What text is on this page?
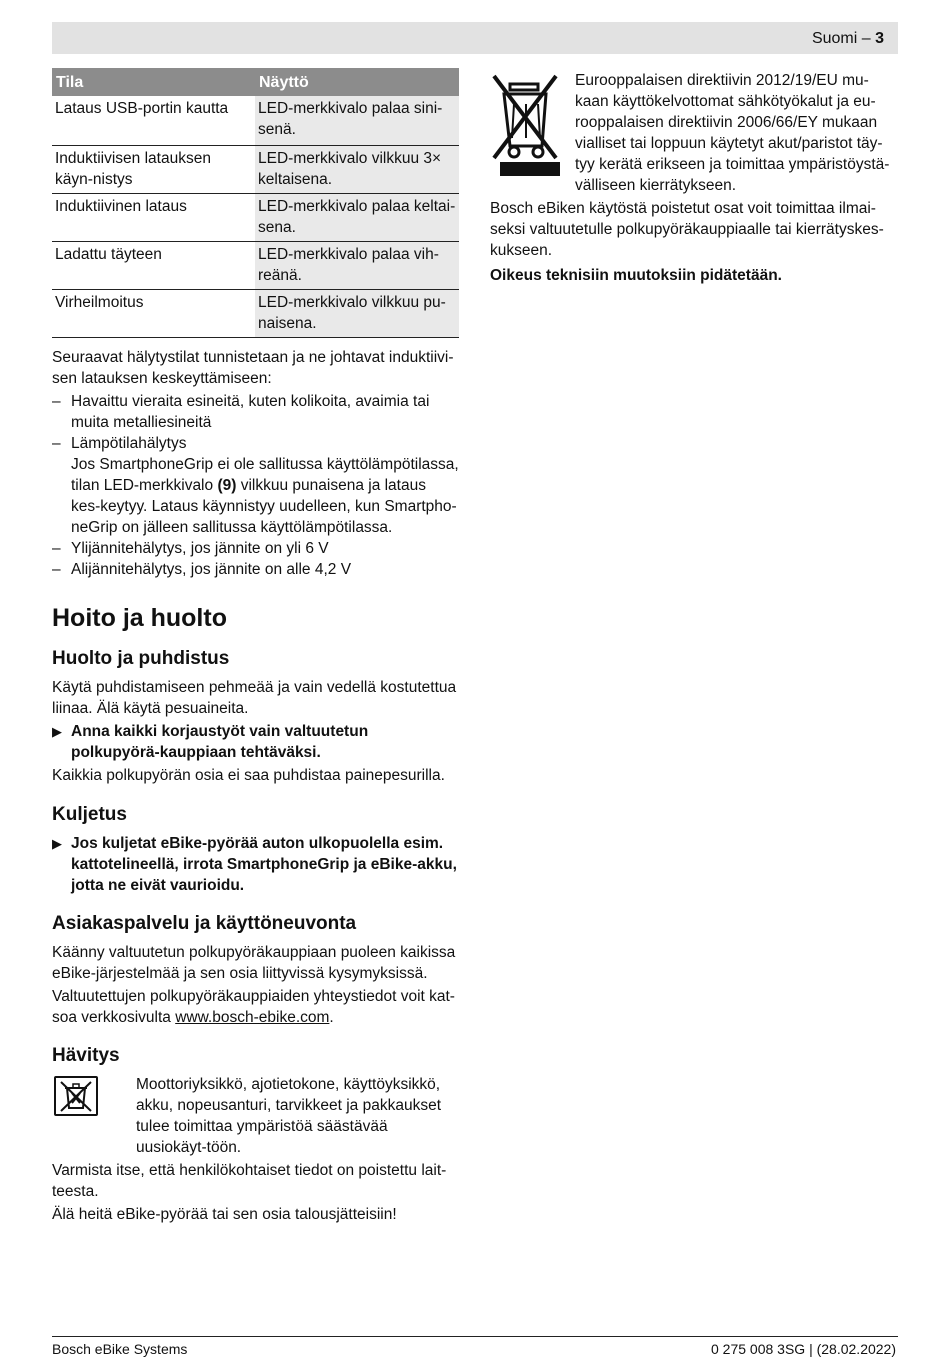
Suomi – 3
Tila	Näyttö
Lataus USB-portin kautta	LED-merkkivalo palaa sini-senä.
Induktiivisen latauksen käyn-nistys	LED-merkkivalo vilkkuu 3× keltaisena.
Induktiivinen lataus	LED-merkkivalo palaa keltai-sena.
Ladattu täyteen	LED-merkkivalo palaa vih-reänä.
Virheilmoitus	LED-merkkivalo vilkkuu pu-naisena.

Seuraavat hälytystilat tunnistetaan ja ne johtavat induktiivi-sen latauksen keskeyttämiseen:

– Havaittu vieraita esineitä, kuten kolikoita, avaimia tai muita metalliesineitä
– Lämpötilahälytys
Jos SmartphoneGrip ei ole sallitussa käyttölämpötilassa, tilan LED-merkkivalo (9) vilkkuu punaisena ja lataus kes-keytyy. Lataus käynnistyy uudelleen, kun Smartpho-neGrip on jälleen sallitussa käyttölämpötilassa.
– Ylijännitehälytys, jos jännite on yli 6 V
– Alijännitehälytys, jos jännite on alle 4,2 V
Hoito ja huolto
Huolto ja puhdistus

Käytä puhdistamiseen pehmeää ja vain vedellä kostutettua liinaa. Älä käytä pesuaineita.

▶ Anna kaikki korjaustyöt vain valtuutetun polkupyörä-kauppiaan tehtäväksi.

Kaikkia polkupyörän osia ei saa puhdistaa painepesurilla.

Kuljetus
▶ Jos kuljetat eBike-pyörää auton ulkopuolella esim. kattotelineellä, irrota SmartphoneGrip ja eBike-akku, jotta ne eivät vaurioidu.
Asiakaspalvelu ja käyttöneuvonta

Käänny valtuutetun polkupyöräkauppiaan puoleen kaikissa eBike-järjestelmää ja sen osia liittyvissä kysymyksissä.

Valtuutettujen polkupyöräkauppiaiden yhteystiedot voit kat-soa verkkosivulta www.bosch-ebike.com.

Hävitys

Moottoriyksikkö, ajotietokone, käyttöyksikkö, akku, nopeusanturi, tarvikkeet ja pakkaukset tulee toimittaa ympäristöä säästävää uusiokäyt-töön.

Varmista itse, että henkilökohtaiset tiedot on poistettu lait-teesta.

Älä heitä eBike-pyörää tai sen osia talousjätteisiin!

Eurooppalaisen direktiivin 2012/19/EU mu-kaan käyttökelvottomat sähkötyökalut ja eu-rooppalaisen direktiivin 2006/66/EY mukaan vialliset tai loppuun käytetyt akut/paristot täy-tyy kerätä erikseen ja toimittaa ympäristöystä-välliseen kierrätykseen.

Bosch eBiken käytöstä poistetut osat voit toimittaa ilmai-seksi valtuutetulle polkupyöräkauppiaalle tai kierrätyskes-kukseen.

Oikeus teknisiin muutoksiin pidätetään.

Bosch eBike Systems	0 275 008 3SG | (28.02.2022)
